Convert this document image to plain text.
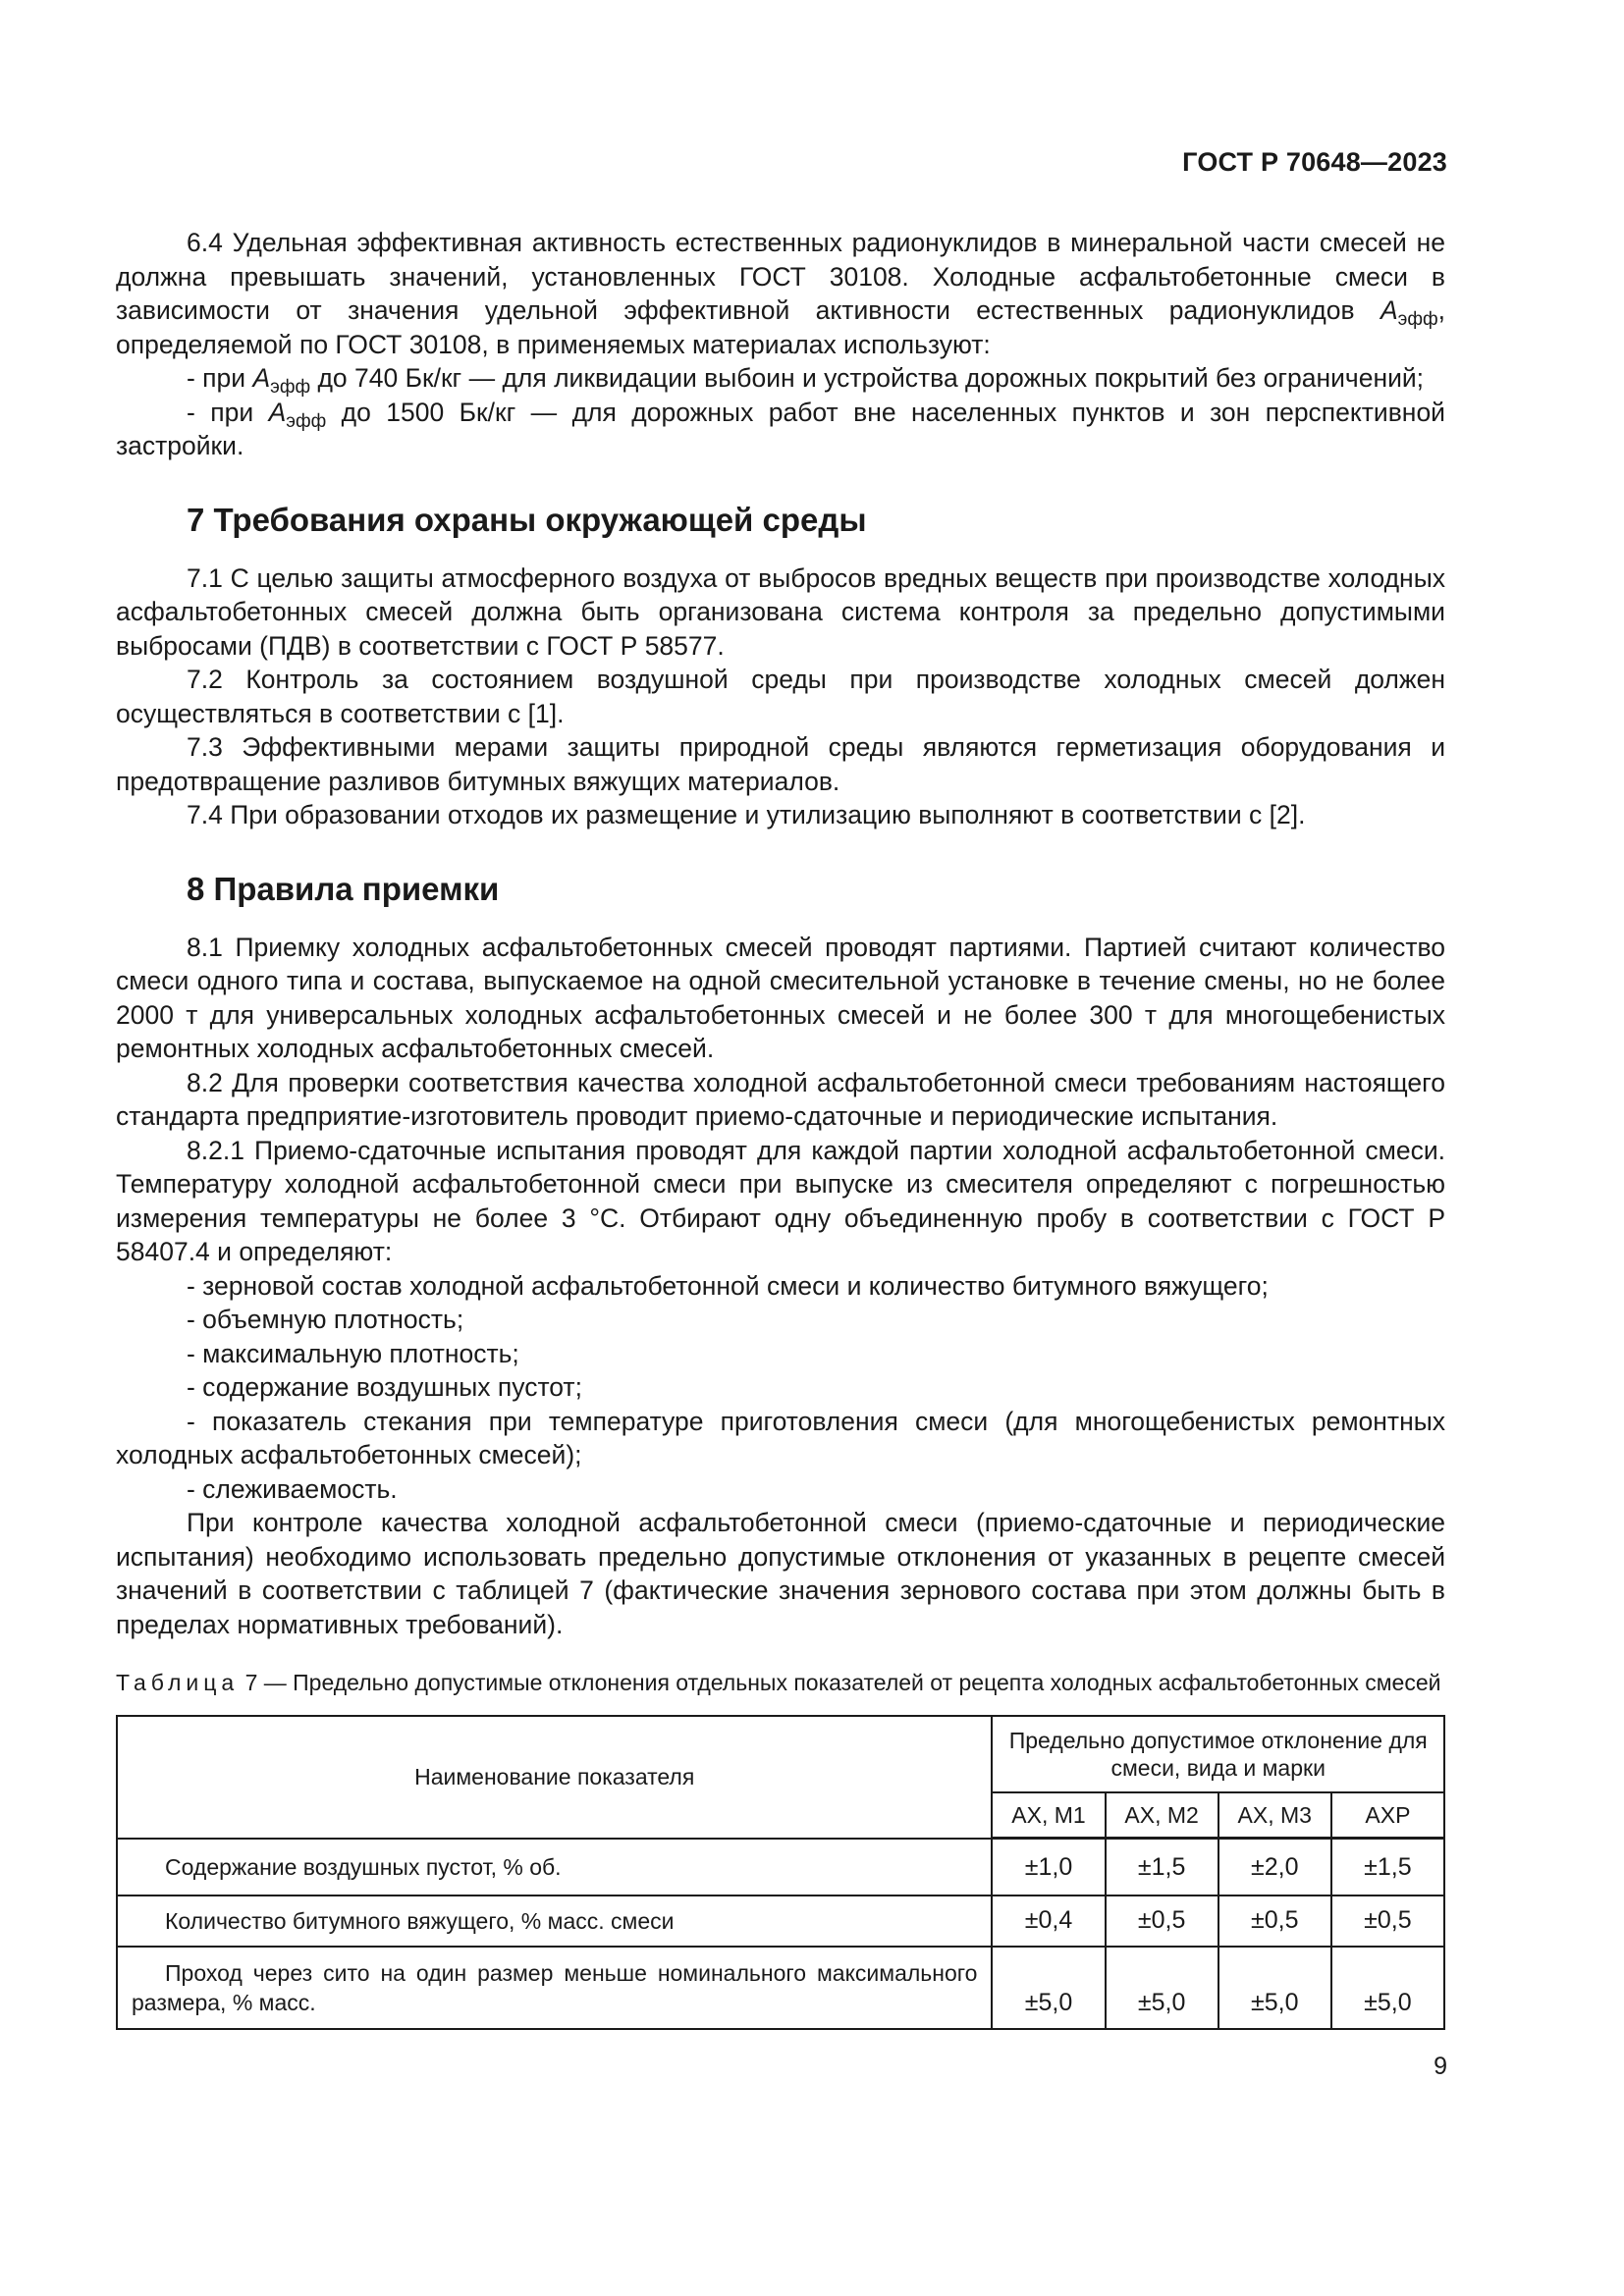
ГОСТ Р 70648—2023

6.4 Удельная эффективная активность естественных радионуклидов в минеральной части смесей не должна превышать значений, установленных ГОСТ 30108. Холодные асфальтобетонные смеси в зависимости от значения удельной эффективной активности естественных радионуклидов $A_{эфф}$, определяемой по ГОСТ 30108, в применяемых материалах используют:

- при $A_{эфф}$ до 740 Бк/кг — для ликвидации выбоин и устройства дорожных покрытий без ограничений;

- при $A_{эфф}$ до 1500 Бк/кг — для дорожных работ вне населенных пунктов и зон перспективной застройки.

7 Требования охраны окружающей среды

7.1 С целью защиты атмосферного воздуха от выбросов вредных веществ при производстве холодных асфальтобетонных смесей должна быть организована система контроля за предельно допустимыми выбросами (ПДВ) в соответствии с ГОСТ Р 58577.

7.2 Контроль за состоянием воздушной среды при производстве холодных смесей должен осуществляться в соответствии с [1].

7.3 Эффективными мерами защиты природной среды являются герметизация оборудования и предотвращение разливов битумных вяжущих материалов.

7.4 При образовании отходов их размещение и утилизацию выполняют в соответствии с [2].

8 Правила приемки

8.1 Приемку холодных асфальтобетонных смесей проводят партиями. Партией считают количество смеси одного типа и состава, выпускаемое на одной смесительной установке в течение смены, но не более 2000 т для универсальных холодных асфальтобетонных смесей и не более 300 т для многощебенистых ремонтных холодных асфальтобетонных смесей.

8.2 Для проверки соответствия качества холодной асфальтобетонной смеси требованиям настоящего стандарта предприятие-изготовитель проводит приемо-сдаточные и периодические испытания.

8.2.1 Приемо-сдаточные испытания проводят для каждой партии холодной асфальтобетонной смеси. Температуру холодной асфальтобетонной смеси при выпуске из смесителя определяют с погрешностью измерения температуры не более 3 °С. Отбирают одну объединенную пробу в соответствии с ГОСТ Р 58407.4 и определяют:

- зерновой состав холодной асфальтобетонной смеси и количество битумного вяжущего;

- объемную плотность;

- максимальную плотность;

- содержание воздушных пустот;

- показатель стекания при температуре приготовления смеси (для многощебенистых ремонтных холодных асфальтобетонных смесей);

- слеживаемость.

При контроле качества холодной асфальтобетонной смеси (приемо-сдаточные и периодические испытания) необходимо использовать предельно допустимые отклонения от указанных в рецепте смесей значений в соответствии с таблицей 7 (фактические значения зернового состава при этом должны быть в пределах нормативных требований).

Таблица 7 — Предельно допустимые отклонения отдельных показателей от рецепта холодных асфальтобетонных смесей
Наименование показателя	Предельно допустимое отклонение для смеси, вида и марки			
	АХ, М1	АХ, М2	АХ, М3	АХР

Содержание воздушных пустот, % об.	±1,0	±1,5	±2,0	±1,5

Количество битумного вяжущего, % масс. смеси	±0,4	±0,5	±0,5	±0,5

Проход через сито на один размер меньше номинального максимального размера, % масс.	±5,0	±5,0	±5,0	±5,0
9
